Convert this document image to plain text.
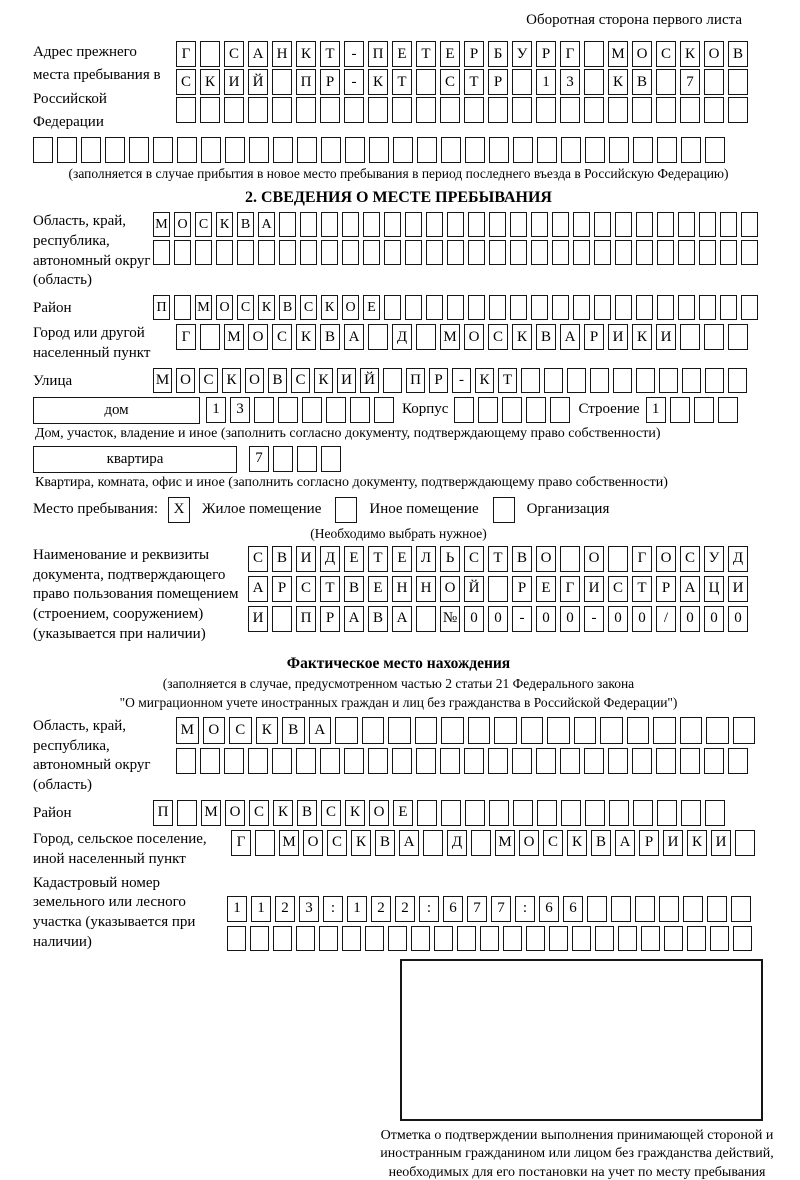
Оборотная сторона первого листа
Адрес прежнего места пребывания в Российской Федерации
Г	С А Н К Т	-	П Е Т Е	Р	Б У Р	Г	М О С К О В
С К И Й	П Р	-	К Т	С Т	Р	1	3	К В	7
(заполняется в случае прибытия в новое место пребывания в период последнего въезда в Российскую Федерацию)
2. СВЕДЕНИЯ О МЕСТЕ ПРЕБЫВАНИЯ
Область, край, республика, автономный округ (область)
М О С К В А
Район	П М О С К В С К О Е
Город или другой населенный пункт
Г	М О С К В А	Д	М О С К В А Р И К И
Улица	М О С К О В С К И Й П Р	-	К Т
дом	1	3	Корпус	Строение 1
Дом, участок, владение и иное (заполнить согласно документу, подтверждающему право собственности)
квартира	7
Квартира, комната, офис и иное (заполнить согласно документу, подтверждающему право собственности)
Место пребывания:	X	Жилое помещение	Иное помещение	Организация
(Необходимо выбрать нужное)
Наименование и реквизиты документа, подтверждающего право пользования помещением (строением, сооружением) (указывается при наличии)
С В И Д Е Т Е Л Ь С Т В О	О	Г О С У Д
А Р С Т В Е Н Н О Й	Р	Е	Г И С Т	Р А Ц И
И	П Р А В А	№ 0	0	-	0	0	-	0	0	/	0	0	0
Фактическое место нахождения
(заполняется в случае, предусмотренном частью 2 статьи 21 Федерального закона
"О миграционном учете иностранных граждан и лиц без гражданства в Российской Федерации")
Область, край, республика, автономный округ (область)
М О	С	К	В	А
Район	П	М О С К В С К О Е
Город, сельское поселение, иной населенный пункт
Г	М О С К В А	Д	М О С К В А Р И К И
Кадастровый номер земельного или лесного участка (указывается при наличии)
1	1	2	3	:	1	2	2	:	6	7	7	:	6	6
Отметка о подтверждении выполнения принимающей стороной и иностранным гражданином или лицом без гражданства действий, необходимых для его постановки на учет по месту пребывания
